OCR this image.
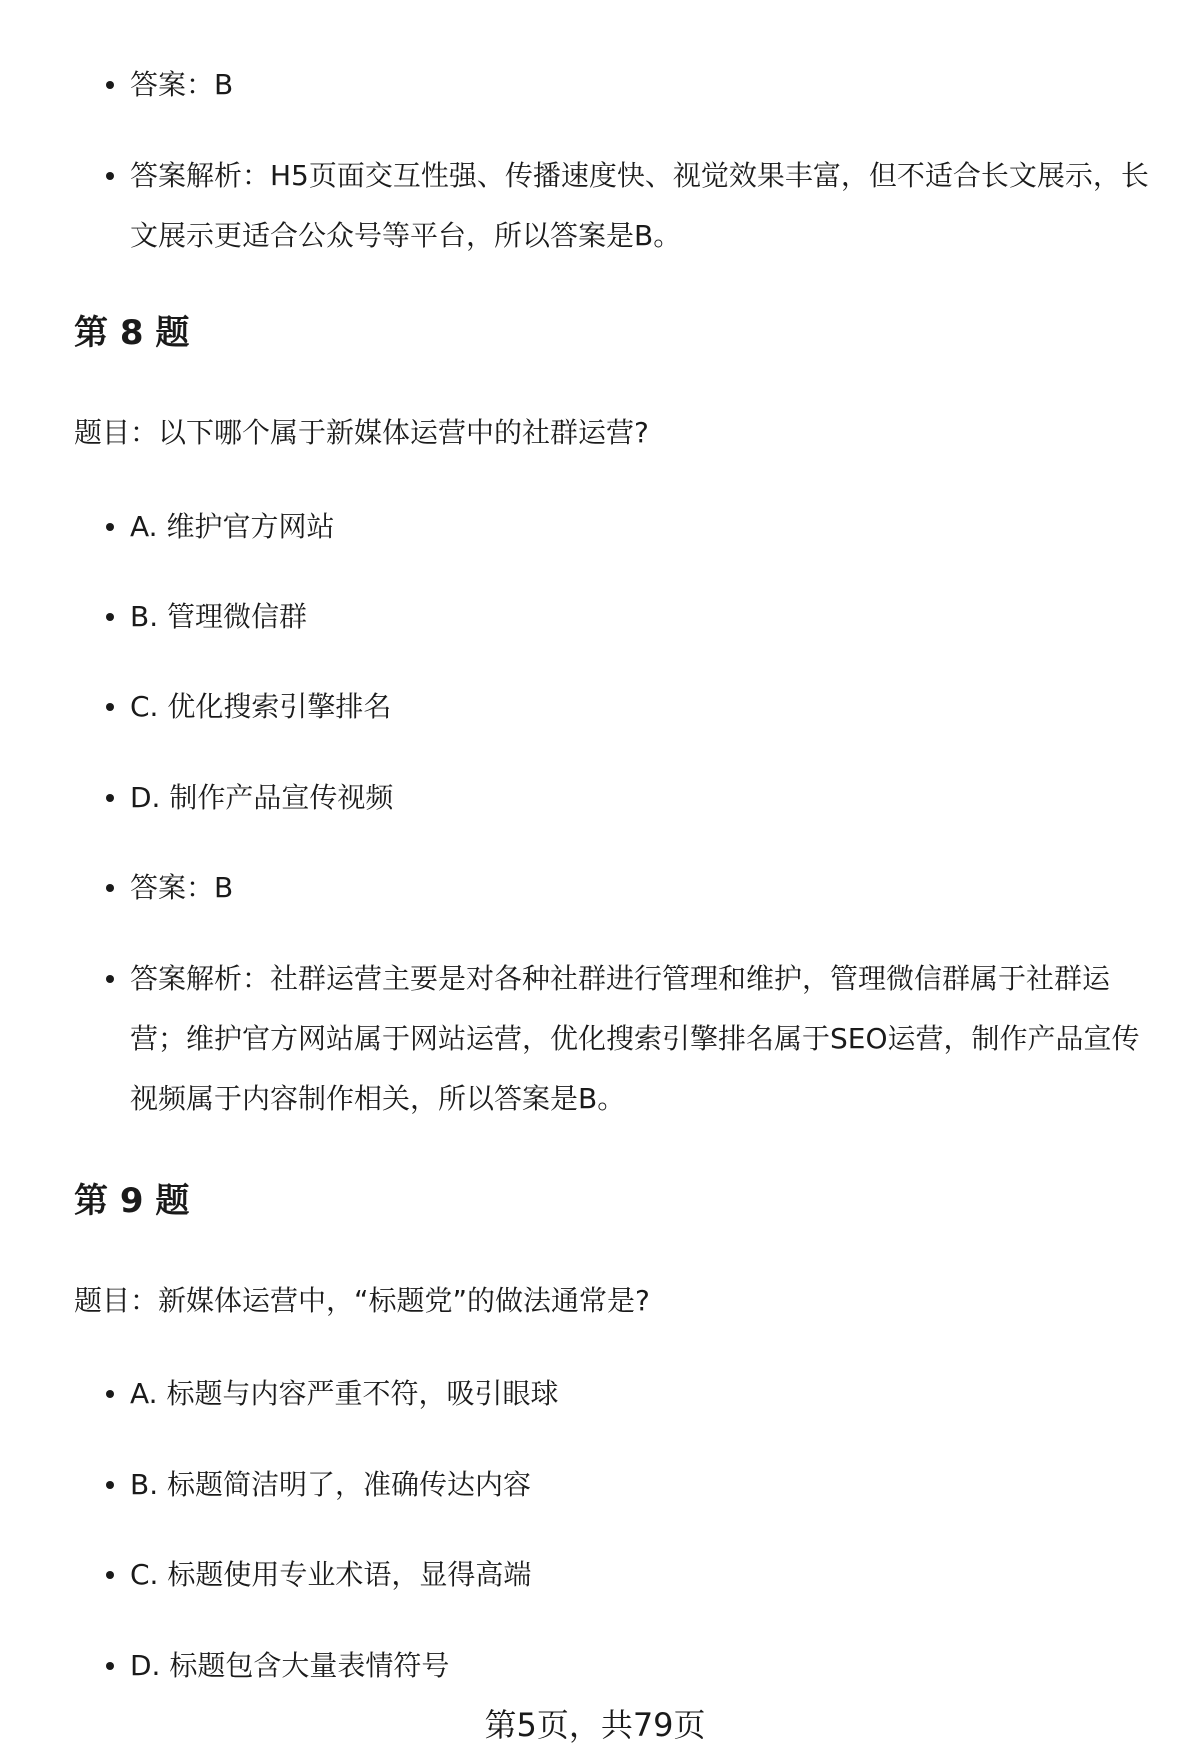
答案：B
答案解析：H5页面交互性强、传播速度快、视觉效果丰富，但不适合长文展示，长文展示更适合公众号等平台，所以答案是B。
第 8 题
题目：以下哪个属于新媒体运营中的社群运营?
A. 维护官方网站
B. 管理微信群
C. 优化搜索引擎排名
D. 制作产品宣传视频
答案：B
答案解析：社群运营主要是对各种社群进行管理和维护，管理微信群属于社群运营；维护官方网站属于网站运营，优化搜索引擎排名属于SEO运营，制作产品宣传视频属于内容制作相关，所以答案是B。
第 9 题
题目：新媒体运营中，“标题党”的做法通常是?
A. 标题与内容严重不符，吸引眼球
B. 标题简洁明了，准确传达内容
C. 标题使用专业术语，显得高端
D. 标题包含大量表情符号
第5页，共79页
